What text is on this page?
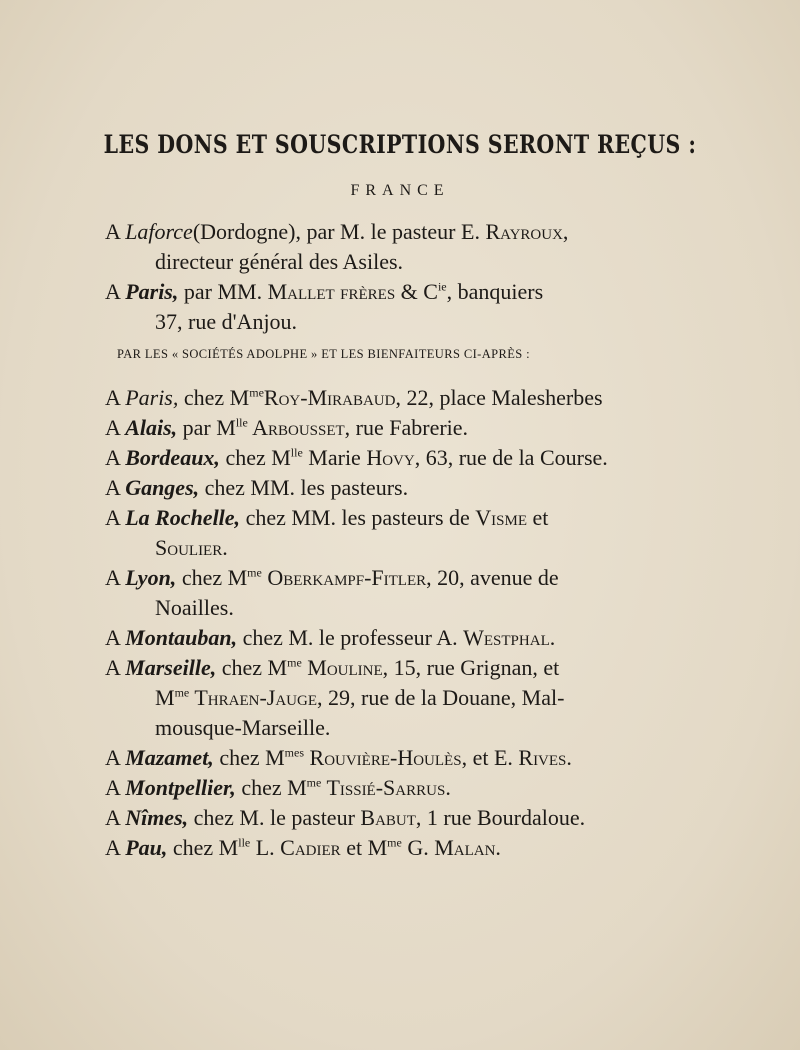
LES DONS ET SOUSCRIPTIONS SERONT REÇUS :
FRANCE
A Laforce(Dordogne), par M. le pasteur E. Rayroux,
directeur général des Asiles.
A Paris, par MM. Mallet frères & $C^{ie}$, banquiers
37, rue d'Anjou.
PAR LES « SOCIÉTÉS ADOLPHE » ET LES BIENFAITEURS CI-APRÈS :
A Paris, chez $M^{me}Roy$-Mirabaud, 22, place Malesherbes
A Alais, par $M^{lle}$ Arbousset, rue Fabrerie.
A Bordeaux, chez $M^{lle}$ Marie Hovy, 63, rue de la Course.
A Ganges, chez MM. les pasteurs.
A La Rochelle, chez MM. les pasteurs de Visme et
Soulier.
A Lyon, chez $M^{me}$ Oberkampf-Fitler, 20, avenue de
Noailles.
A Montauban, chez M. le professeur A. Westphal.
A Marseille, chez $M^{me}$ Mouline, 15, rue Grignan, et
$M^{me}$ Thraen-Jauge, 29, rue de la Douane, Mal-
mousque-Marseille.
A Mazamet, chez $M^{mes}$ Rouvière-Houlès, et E. Rives.
A Montpellier, chez $M^{me}$ Tissié-Sarrus.
A Nîmes, chez M. le pasteur Babut, 1 rue Bourdaloue.
A Pau, chez $M^{lle}$ L. Cadier et $M^{me}$ G. Malan.
